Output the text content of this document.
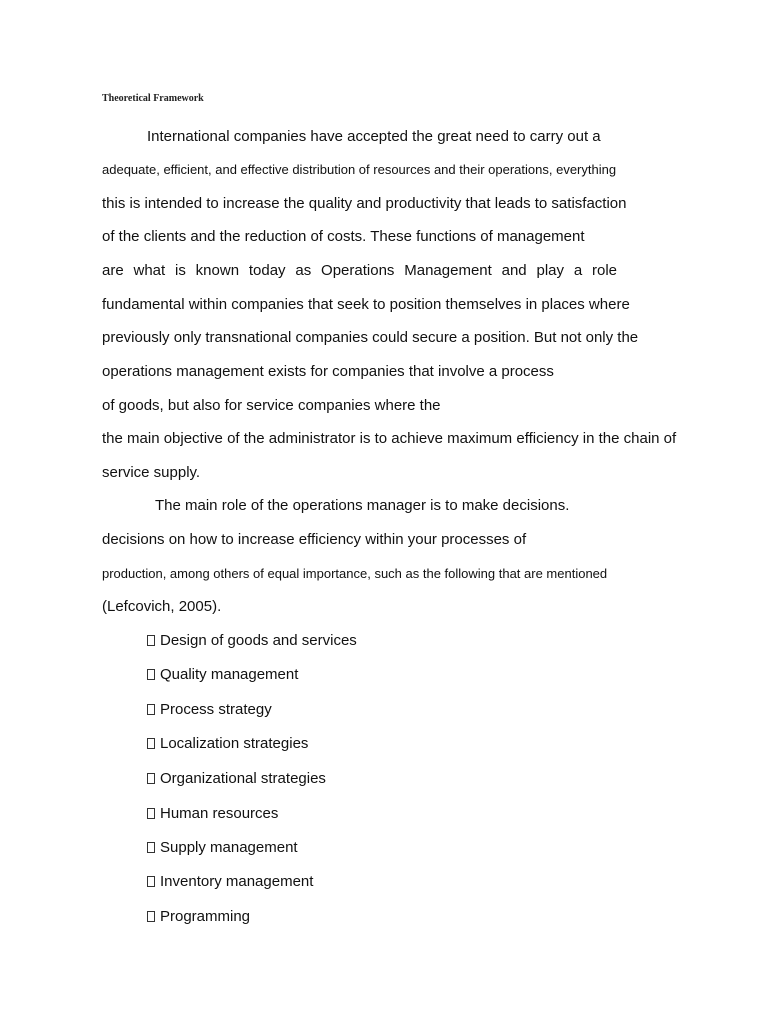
Theoretical Framework
International companies have accepted the great need to carry out a
adequate, efficient, and effective distribution of resources and their operations, everything
this is intended to increase the quality and productivity that leads to satisfaction
of the clients and the reduction of costs. These functions of management
are what is known today as Operations Management and play a role
fundamental within companies that seek to position themselves in places where
previously only transnational companies could secure a position. But not only the
operations management exists for companies that involve a process
of goods, but also for service companies where the
the main objective of the administrator is to achieve maximum efficiency in the chain of
service supply.
The main role of the operations manager is to make decisions.
decisions on how to increase efficiency within your processes of
production, among others of equal importance, such as the following that are mentioned
(Lefcovich, 2005).
Design of goods and services
Quality management
Process strategy
Localization strategies
Organizational strategies
Human resources
Supply management
Inventory management
Programming
